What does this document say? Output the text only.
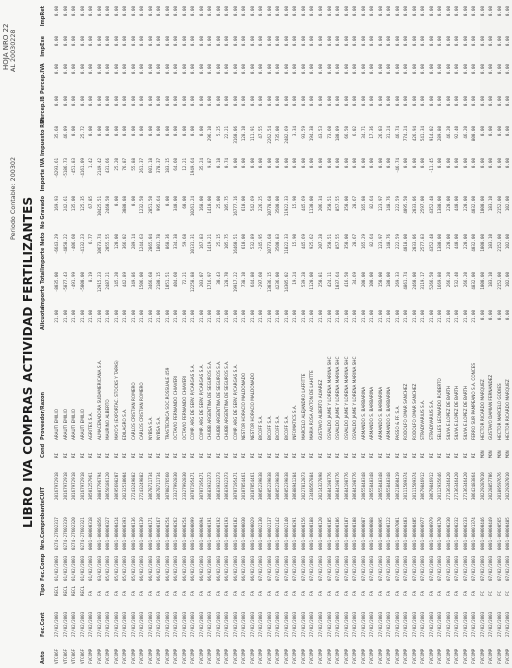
HOJA NRO 22 AL 20030228
Periodo Contable: 200302 LIBRO IVA COMPRAS ACTIVIDAD FERTILIZANTES
Asto
Fec.Cont
Tipo
Fec.Comp
Nro.Comprobante
CUIT
Cond
Proveedor/Razon
Alicuota
Importe Total
Importe Neto
No Gravado
Importe IVA
Impuesto RNI
Percep.IB
Percep.IVA
ImpExe
ImpRet
VTC06F
27/02/2003
RECL
01/02/2003
0274-27602317
20167972918
RI
ARAUTI EMILIO
21.00
-8035.00
-6643.29
169.93
-6293.61
35.68
0.00
0.00
0.00
0.00
VTC06F
27/02/2003
RECL
01/02/2003
0274-27602319
20167972918
RI
ARAUTI EMILIO
21.00
-5877.43
-4858.22
242.61
-5186.73
46.09
0.00
0.00
0.00
0.00
VTC06F
27/02/2003
RECL
01/02/2003
0274-27602320
20167972918
RI
ARAUTI EMILIO
21.00
-491.99
-406.60
135.00
-451.83
0.00
0.00
0.00
0.00
0.00
VTC06F
27/02/2003
RECL
01/02/2003
0274-27602321
20167972918
RI
ARAUTI EMILIO
21.00
-5000.00
-4132.23
125.35
-4161.09
25.72
0.00
0.00
0.00
0.00
FVCOMP
27/02/2003
FA
01/02/2003
0001-00000318
30501257961
RI
AGRITEX S.A.
21.00
8.19
6.77
67.85
1.42
0.00
0.00
0.00
0.00
0.00
FVCOMP
27/02/2003
FA
03/02/2003
0001-00004856
30807796794
RI
ALMACENADORA SUDAMERICANA S.A.
21.00
12915.23
10673.74
10425.51
2149.42
0.00
0.00
0.00
0.00
0.00
FVCOMP
27/02/2003
FA
05/02/2003
0001-00000327
30650186120
RI
MAURINO ALBERTO
21.00
2487.21
2055.55
2460.50
431.66
0.00
0.00
0.00
0.00
0.00
FVCOMP
27/02/2003
FA
05/02/2003
0001-00000414
30695698207
RI
MAYO'S (EXPORTAC. STOCKS Y TAPAS)
21.00
145.20
120.00
0.00
25.20
0.00
0.00
0.00
0.00
0.00
FVCOMP
27/02/2003
FA
05/02/2003
0001-00000393
20232510004
RI
EDILAGRO S.A.
21.00
442.89
366.02
3080.08
76.87
0.00
0.00
0.00
0.00
0.00
FVCOMP
27/02/2003
FA
05/02/2003
0001-00000136
27243249882
RI
CARLOS CRISTIAN ROMERO
21.00
349.86
289.14
0.00
55.88
0.00
0.00
0.00
0.00
0.00
FVCOMP
27/02/2003
FA
06/02/2003
0001-00000139
27243249882
RI
CARLOS CRISTIAN ROMERO
21.00
1506.00
1244.63
1232.50
261.37
0.00
0.00
0.00
0.00
0.00
FVCOMP
27/02/2003
FA
06/02/2003
0001-00000171
30678711734
RI
NYBSA S.A.
21.00
3466.68
2865.04
2851.50
601.18
0.00
0.00
0.00
0.00
0.00
FVCOMP
27/02/2003
FA
06/02/2003
0001-00000167
30678711734
RI
NYBSA S.A.
21.00
2180.15
1801.78
995.64
378.37
0.00
0.00
0.00
0.00
0.00
FVCOMP
27/02/2003
FA
06/02/2003
0001-00000254
30708276560
RI
TRASTECNICA SOC.ROSSUALE 459
21.00
1051.51
868.36
0.00
183.15
0.00
0.00
0.00
0.00
0.00
FVCOMP
27/02/2003
FA
06/02/2003
0001-00000262
23327992830
RI
OCTAVIO FERNANDO CHIAVERI
21.00
404.60
334.38
340.00
64.60
0.00
0.00
0.00
0.00
0.00
FVCOMP
27/02/2003
FA
06/02/2003
0001-00000254
23327992830
RI
OCTAVIO FERNANDO CHIAVERI
21.00
72.21
59.68
60.00
12.21
0.00
0.00
0.00
0.00
0.00
FVCOMP
27/02/2003
FA
06/02/2003
0001-00000099
30707195471
RI
COMP. ARG DE SERV. P/CARGAS S.A.
21.00
12258.88
10131.31
10261.24
1949.64
0.00
0.00
0.00
0.00
0.00
FVCOMP
27/02/2003
FA
06/02/2003
0001-00000094
30707195471
RI
COMP. ARG DE SERV. P/CARGAS S.A.
21.00
203.07
167.83
168.00
35.24
0.00
0.00
0.00
0.00
0.00
FVCOMP
27/02/2003
FA
06/02/2003
0001-00000191
30683932373
RI
CHUBB ARGENTINA DE SEGUROS S.A.
21.00
1716.97
1419.21
1410.00
9.87
296.10
0.00
0.00
0.00
0.00
FVCOMP
27/02/2003
FA
06/02/2003
0001-00000192
30683932373
RI
CHUBB ARGENTINA DE SEGUROS S.A.
21.00
30.43
25.15
25.00
0.18
5.25
0.00
0.00
0.00
0.00
FVCOMP
27/02/2003
FA
06/02/2003
0001-00000193
30683932373
RI
CHUBB ARGENTINA DE SEGUROS S.A.
21.00
128.70
105.75
105.75
0.74
22.21
0.00
0.00
0.00
0.00
FVCOMP
27/02/2003
FA
06/02/2003
0001-00000102
30707195471
RI
COMP. ARG DE SERV. P/CARGAS S.A.
21.00
19917.22
16460.51
16777.16
0.00
3160.06
0.00
0.00
0.00
0.00
FVCOMP
27/02/2003
FA
06/02/2003
0001-00000030
20107054461
RI
NESTOR HORACIO MALDONADO
21.00
738.10
610.00
610.00
0.00
128.10
0.00
0.00
0.00
0.00
FVCOMP
27/02/2003
FA
06/02/2003
0001-00000029
20107054461
RI
NESTOR HORACIO MALDONADO
21.00
644.80
532.89
542.69
0.00
111.91
0.00
0.00
0.00
0.00
FVCOMP
27/02/2003
FA
07/02/2003
0001-00002130
30605239838
RI
BICOFF S.A.
21.00
-297.60
-245.95
226.25
0.00
47.55
0.00
0.00
0.00
0.00
FVCOMP
27/02/2003
FA
07/02/2003
0001-00002137
30605239838
RI
BICOFF S.A.
21.00
13036.15
10773.68
10778.68
0.00
2262.54
0.00
0.00
0.00
0.00
FVCOMP
27/02/2003
FA
07/02/2003
0001-00002142
30605239838
RI
BICOFF S.A.
21.00
4236.00
3500.83
3500.00
0.00
735.00
0.00
0.00
0.00
0.00
FVCOMP
27/02/2003
FA
07/02/2003
0001-00002140
30605239838
RI
BICOFF S.A.
21.00
14305.02
11822.33
11922.33
0.00
2482.69
0.00
0.00
0.00
0.00
FVCOMP
27/02/2003
FA
07/02/2003
0001-00000291
30688941284
RI
INFOMATICS S.A.
21.00
19.24
15.90
15.90
0.00
3.34
0.00
0.00
0.00
0.00
FVCOMP
27/02/2003
FA
07/02/2003
0001-00000156
20227812873
RI
MARCELO ALEJANDRO LAFFITTE
21.00
539.28
445.69
445.69
0.00
93.59
0.00
0.00
0.00
0.00
FVCOMP
27/02/2003
FA
07/02/2003
0001-00000188
23460567884
RI
MARIA ROSA AIXTON DE LAHITTE
21.00
1120.00
925.62
1130.00
0.00
194.38
0.00
0.00
0.00
0.00
FVCOMP
27/02/2003
FA
07/02/2003
0001-00000120
20214327898
RI
GUSTAVO ALBERTO ALVAREZ
21.00
250.81
207.28
206.34
0.00
43.53
0.00
0.00
0.00
0.00
FVCOMP
27/02/2003
FA
07/02/2003
0001-00000105
30684198776
RI
OSVALDO JAIME Y LORENA MARINA SHC
21.00
424.11
350.51
350.51
0.00
73.60
0.00
0.00
0.00
0.00
FVCOMP
27/02/2003
FA
07/02/2003
0001-00000106
30684198776
RI
OSVALDO JAIME Y LORENA MARINA SHC
21.00
1037.64
857.55
857.55
0.00
180.09
0.00
0.00
0.00
0.00
FVCOMP
27/02/2003
FA
07/02/2003
0001-00000107
30684198776
RI
OSVALDO JAIME Y LORENA MARINA SHC
21.00
416.50
350.00
350.00
0.00
66.50
0.00
0.00
0.00
0.00
FVCOMP
27/02/2003
FA
07/02/2003
0001-00000108
30684198776
RI
OSVALDO JAIME Y LORENA MARINA SHC
21.00
34.69
28.67
28.67
0.00
6.02
0.00
0.00
0.00
0.00
FVCOMP
27/02/2003
FA
07/02/2003
0001-00000087
20055848348
RI
ARMANDO S. BARBARINA
21.00
200.00
165.29
165.08
0.00
34.71
0.00
0.00
0.00
0.00
FVCOMP
27/02/2003
FA
07/02/2003
0001-00000088
20055848348
RI
ARMANDO S. BARBARINA
21.00
100.00
82.64
82.64
0.00
17.36
0.00
0.00
0.00
0.00
FVCOMP
27/02/2003
FA
07/02/2003
0001-00000095
20055848348
RI
ARMANDO S. BARBARINA
21.00
150.00
123.97
123.97
0.00
26.03
0.00
0.00
0.00
0.00
FVCOMP
27/02/2003
FA
07/02/2003
0001-00000122
20055848348
RI
ARMANDO S. BARBARINA
21.00
180.00
148.76
148.76
0.00
31.24
0.00
0.00
0.00
0.00
FVCOMP
27/02/2003
FA
07/02/2003
0001-00007001
30621860419
RI
PASSO & FF. S.A.
21.00
269.33
222.59
222.59
-46.74
46.74
0.00
0.00
0.00
0.00
FVCOMP
27/02/2003
FA
07/02/2003
0001-00000403
20111509374
RI
RODOLFO OMAR SANCHEZ
21.00
4861.74
4018.00
4095.50
0.00
774.24
0.00
0.00
0.00
0.00
FVCOMP
27/02/2003
FA
07/02/2003
0001-00000405
20111509374
RI
RODOLFO OMAR SANCHEZ
21.00
2460.00
2033.06
2033.06
0.00
426.94
0.00
0.00
0.00
0.00
FVCOMP
27/02/2003
FA
07/02/2003
0001-00000977
30679846912
RI
STRADIVARIUS S.A.
21.00
3119.17
2577.83
2597.00
0.00
541.34
0.00
0.00
0.00
0.00
FVCOMP
27/02/2003
FA
07/02/2003
0001-00000979
30679846912
RI
STRADIVARIUS S.A.
21.00
5266.50
4352.48
4352.48
-11.45
914.02
0.00
0.00
0.00
0.00
FVCOMP
27/02/2003
FA
07/02/2003
0001-00000170
20112935646
RI
SELLES LEONARDO ROBERTO
21.00
1669.80
1380.00
1380.00
0.00
289.80
0.00
0.00
0.00
0.00
FVCOMP
27/02/2003
FA
07/02/2003
0001-00000230
27136346420
RI
SILVIA E.LOPEZ DE BARTH
21.00
266.20
220.00
220.00
0.00
46.20
0.00
0.00
0.00
0.00
FVCOMP
27/02/2003
FA
07/02/2003
0001-00000232
27136346420
RI
SILVIA E.LOPEZ DE BARTH
21.00
532.40
440.00
440.00
0.00
92.40
0.00
0.00
0.00
0.00
FVCOMP
27/02/2003
FA
07/02/2003
0001-00000233
27136346420
RI
SILVIA E.LOPEZ DE BARTH
21.00
266.20
220.00
220.00
0.00
46.20
0.00
0.00
0.00
0.00
FVCOMP
27/02/2003
FA
07/02/2003
0001-00001374
30642483864
RI
FERRO SUR PAMPEANO S.A. CONCES
21.00
4832.00
4032.00
4032.00
0.00
800.00
0.00
0.00
0.00
0.00
FVCOMP
27/02/2003
FC
07/02/2003
0001-00000446
20229287010
MON
HECTOR RICARDO MARQUEZ
0.00
1000.00
1000.00
1000.00
0.00
0.00
0.00
0.00
0.00
0.00
FVCOMP
27/02/2003
FC
07/02/2003
0001-00000449
20228857706
MON
GUSTAVO DAMIAN FERNANDEZ
0.00
183.10
183.10
183.10
0.00
0.00
0.00
0.00
0.00
0.00
FVCOMP
27/02/2003
FC
07/02/2003
0001-00000565
20189597676
MON
HECTOR MARCELO GODIES
0.00
2152.00
2152.00
2152.00
0.00
0.00
0.00
0.00
0.00
0.00
FVCOMP
27/02/2003
FC
07/02/2003
0001-00000485
20229287010
MON
HECTOR RICARDO MARQUEZ
0.00
102.00
102.00
102.00
0.00
0.00
0.00
0.00
0.00
0.00
